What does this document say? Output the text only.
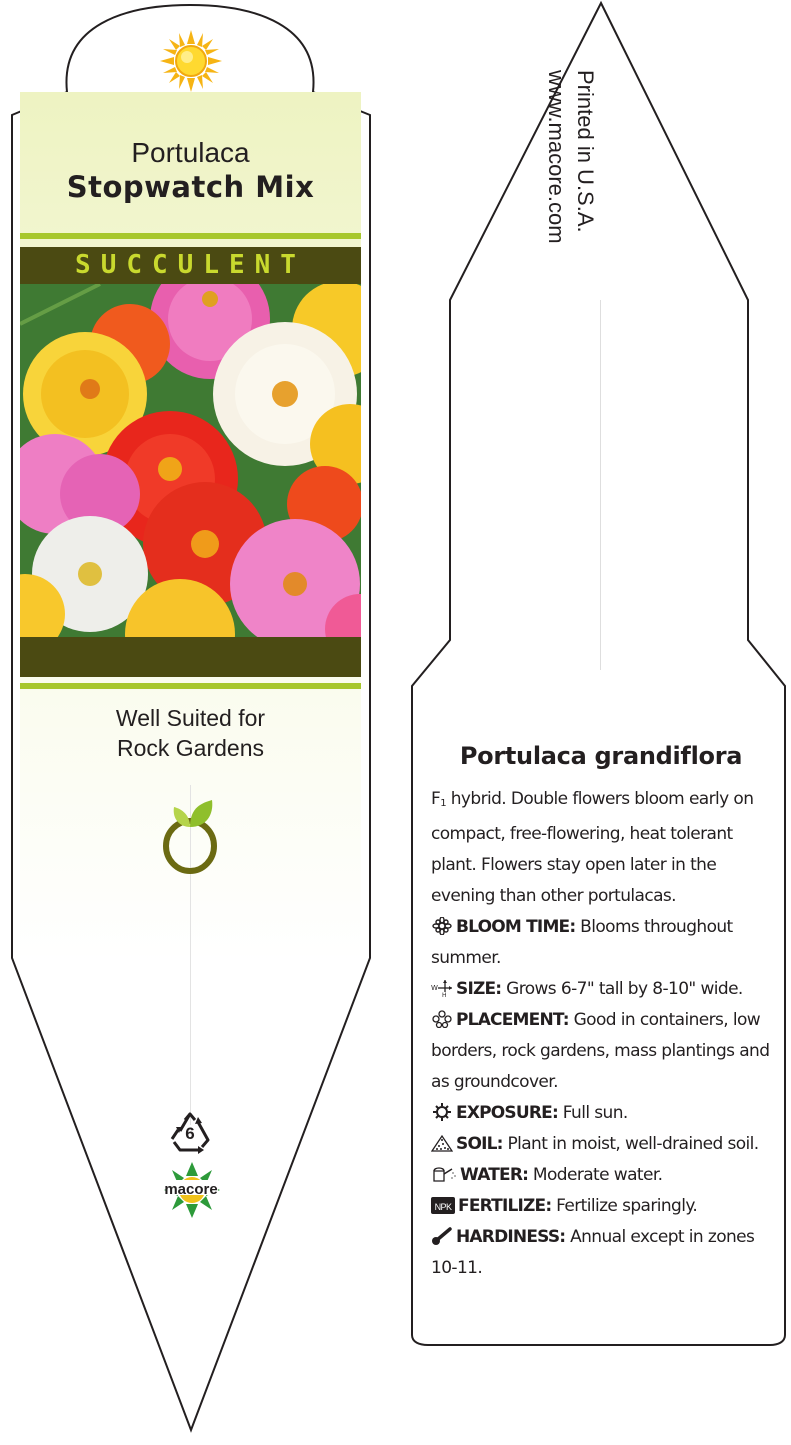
Portulaca
Stopwatch Mix
SUCCULENT
Well Suited for
Rock Gardens
6
macore
Printed in U.S.A.
www.macore.com
Portulaca grandiflora

F1 hybrid. Double flowers bloom early on compact, free-flowering, heat tolerant plant. Flowers stay open later in the evening than other portulacas.

BLOOM TIME: Blooms throughout summer.

W
H SIZE: Grows 6-7" tall by 8-10" wide.

PLACEMENT: Good in containers, low borders, rock gardens, mass plantings and as groundcover.

EXPOSURE: Full sun.

SOIL: Plant in moist, well-drained soil.

WATER: Moderate water.

NPK FERTILIZE: Fertilize sparingly.

HARDINESS: Annual except in zones 10-11.
